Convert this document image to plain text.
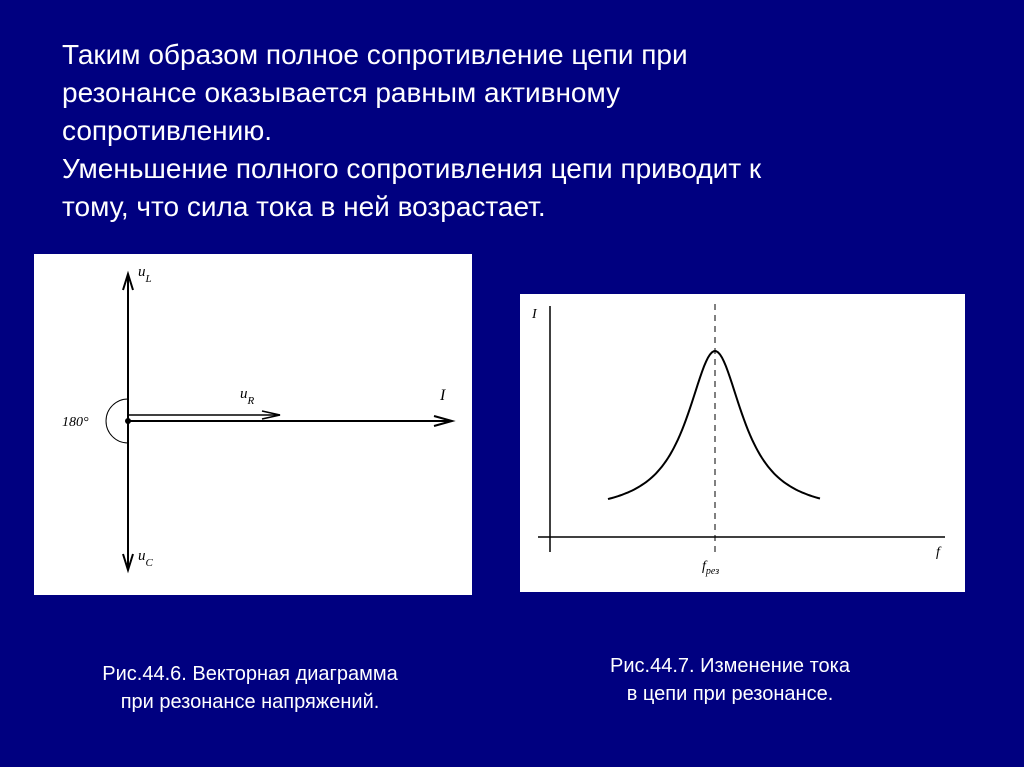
Таким образом полное сопротивление цепи при

резонансе оказывается равным активному

сопротивлению.

Уменьшение полного сопротивления цепи приводит к

тому, что сила тока в ней возрастает.

$u_L$
$u_R$
$u_C$
I
180°
I
f
$f_{рез}$
Рис.44.6. Векторная диаграмма
при резонансе напряжений.
Рис.44.7. Изменение тока
в цепи при резонансе.
